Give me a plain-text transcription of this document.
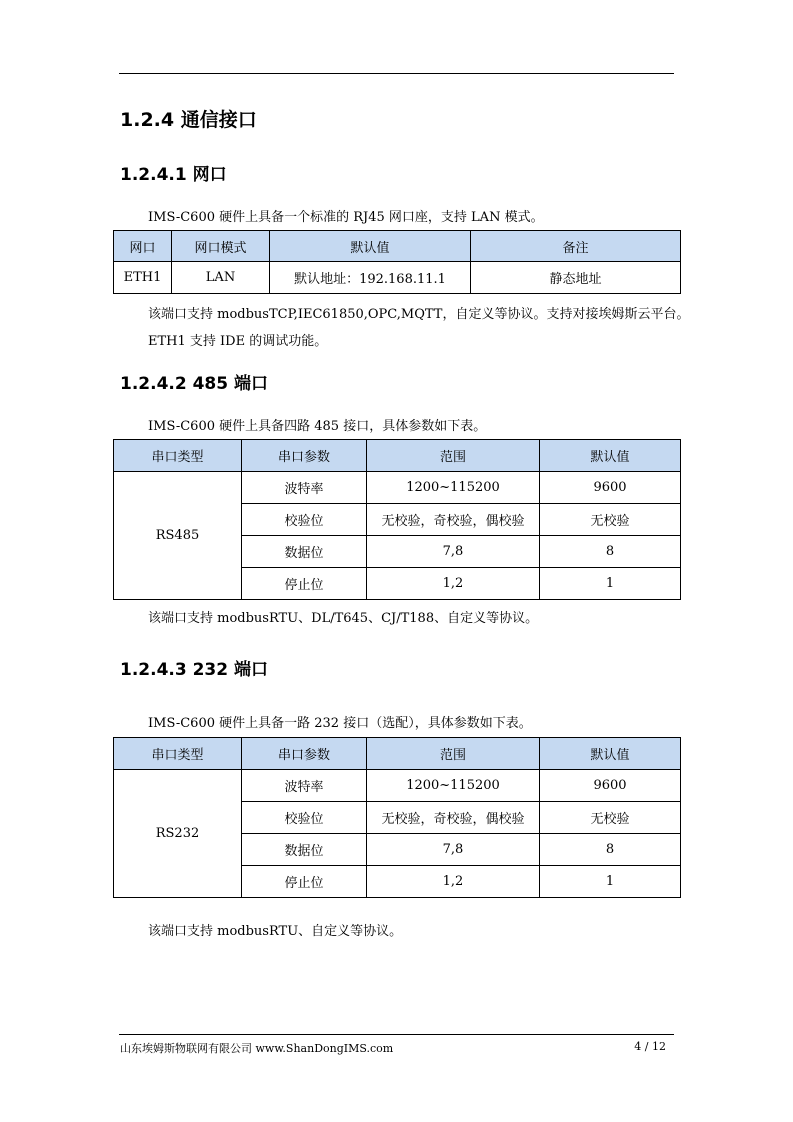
1.2.4 通信接口
1.2.4.1 网口

IMS-C600 硬件上具备一个标准的 RJ45 网口座，支持 LAN 模式。

网口	网口模式	默认值	备注
ETH1	LAN	默认地址：192.168.11.1	静态地址

该端口支持 modbusTCP,IEC61850,OPC,MQTT，自定义等协议。支持对接埃姆斯云平台。

ETH1 支持 IDE 的调试功能。

1.2.4.2 485 端口

IMS-C600 硬件上具备四路 485 接口，具体参数如下表。

串口类型	串口参数	范围	默认值
RS485	波特率	1200~115200	9600
	校验位	无校验，奇校验，偶校验	无校验
	数据位	7,8	8
	停止位	1,2	1

该端口支持 modbusRTU、DL/T645、CJ/T188、自定义等协议。

1.2.4.3 232 端口

IMS-C600 硬件上具备一路 232 接口（选配），具体参数如下表。

串口类型	串口参数	范围	默认值
RS232	波特率	1200~115200	9600
	校验位	无校验，奇校验，偶校验	无校验
	数据位	7,8	8
	停止位	1,2	1

该端口支持 modbusRTU、自定义等协议。

山东埃姆斯物联网有限公司 www.ShanDongIMS.com	4 / 12
